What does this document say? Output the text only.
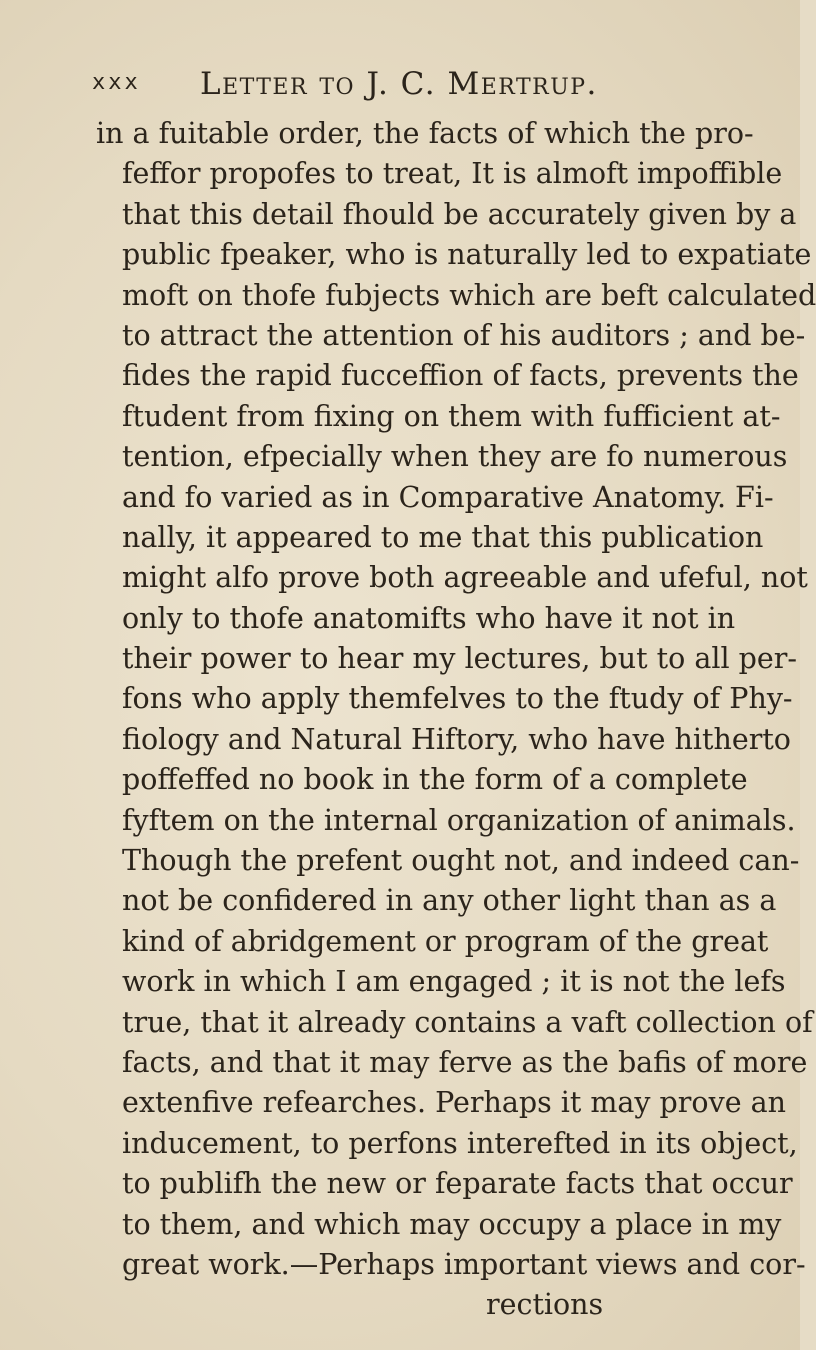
xxx Letter to J. C. Mertrup.
in a fuitable order, the facts of which the pro-
feffor propofes to treat, It is almoft impoffible
that this detail fhould be accurately given by a
public fpeaker, who is naturally led to expatiate
moft on thofe fubjects which are beft calculated
to attract the attention of his auditors ; and be-
fides the rapid fucceffion of facts, prevents the
ftudent from fixing on them with fufficient at-
tention, efpecially when they are fo numerous
and fo varied as in Comparative Anatomy. Fi-
nally, it appeared to me that this publication
might alfo prove both agreeable and ufeful, not
only to thofe anatomifts who have it not in
their power to hear my lectures, but to all per-
fons who apply themfelves to the ftudy of Phy-
fiology and Natural Hiftory, who have hitherto
poffeffed no book in the form of a complete
fyftem on the internal organization of animals.
Though the prefent ought not, and indeed can-
not be confidered in any other light than as a
kind of abridgement or program of the great
work in which I am engaged ; it is not the lefs
true, that it already contains a vaft collection of
facts, and that it may ferve as the bafis of more
extenfive refearches. Perhaps it may prove an
inducement, to perfons interefted in its object,
to publifh the new or feparate facts that occur
to them, and which may occupy a place in my
great work.—Perhaps important views and cor-
rections
